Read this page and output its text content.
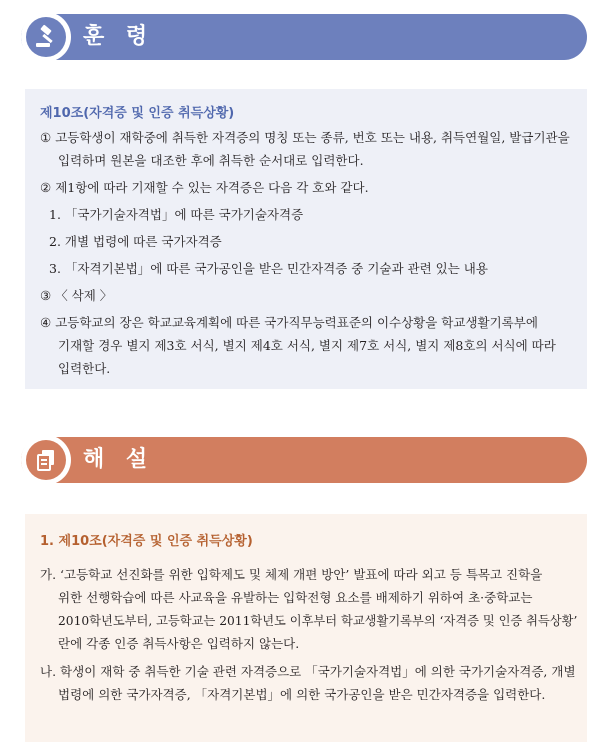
훈 령
제10조(자격증 및 인증 취득상황)
① 고등학생이 재학중에 취득한 자격증의 명칭 또는 종류, 번호 또는 내용, 취득연월일, 발급기관을
입력하며 원본을 대조한 후에 취득한 순서대로 입력한다.
② 제1항에 따라 기재할 수 있는 자격증은 다음 각 호와 같다.
1. 「국가기술자격법」에 따른 국가기술자격증
2. 개별 법령에 따른 국가자격증
3. 「자격기본법」에 따른 국가공인을 받은 민간자격증 중 기술과 관련 있는 내용
③ 〈 삭제 〉
④ 고등학교의 장은 학교교육계획에 따른 국가직무능력표준의 이수상황을 학교생활기록부에
기재할 경우 별지 제3호 서식, 별지 제4호 서식, 별지 제7호 서식, 별지 제8호의 서식에 따라
입력한다.
해 설
1. 제10조(자격증 및 인증 취득상황)
가. ‘고등학교 선진화를 위한 입학제도 및 체제 개편 방안’ 발표에 따라 외고 등 특목고 진학을
위한 선행학습에 따른 사교육을 유발하는 입학전형 요소를 배제하기 위하여 초·중학교는
2010학년도부터, 고등학교는 2011학년도 이후부터 학교생활기록부의 ‘자격증 및 인증 취득상황’
란에 각종 인증 취득사항은 입력하지 않는다.
나. 학생이 재학 중 취득한 기술 관련 자격증으로 「국가기술자격법」에 의한 국가기술자격증, 개별
법령에 의한 국가자격증, 「자격기본법」에 의한 국가공인을 받은 민간자격증을 입력한다.
